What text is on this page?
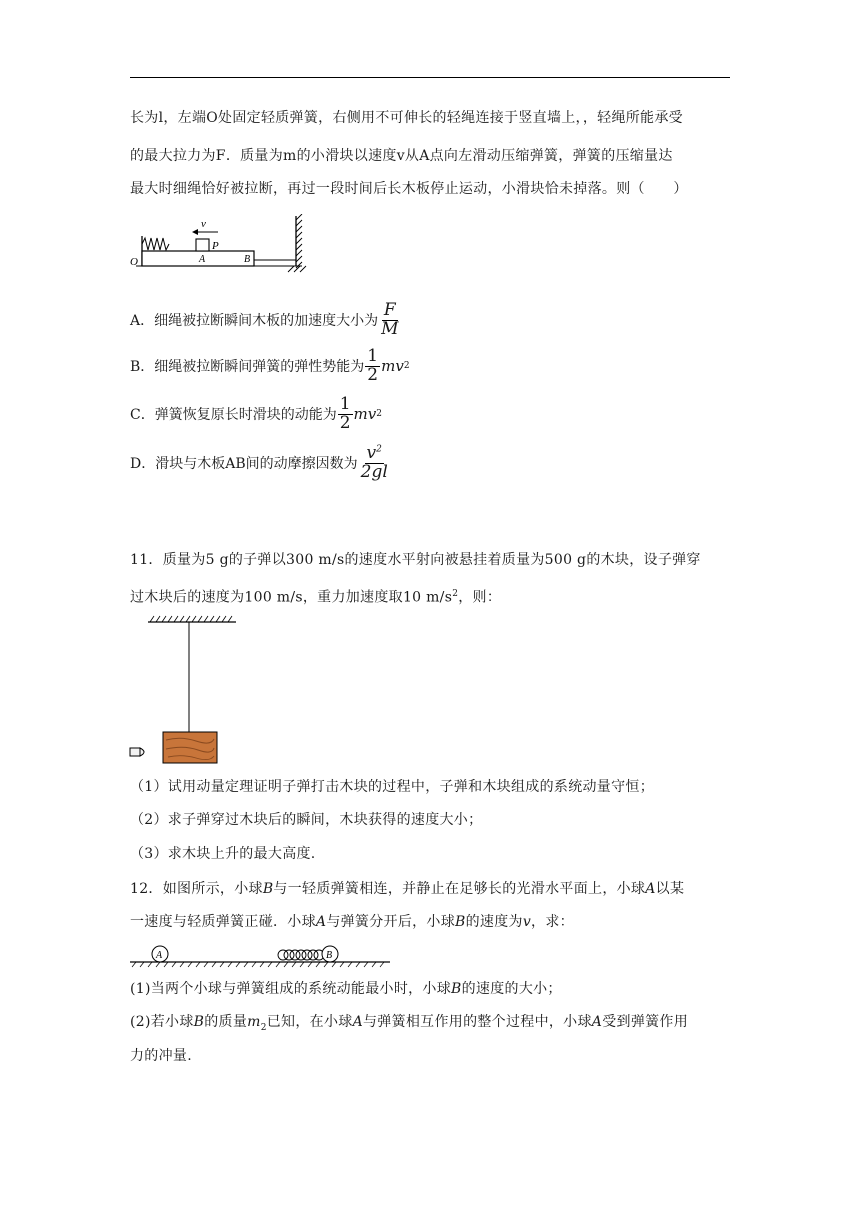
长为l，左端O处固定轻质弹簧，右侧用不可伸长的轻绳连接于竖直墙上，，轻绳所能承受
的最大拉力为F．质量为m的小滑块以速度v从A点向左滑动压缩弹簧，弹簧的压缩量达
最大时细绳恰好被拉断，再过一段时间后长木板停止运动，小滑块恰未掉落。则（　　）
v
P
O	A	B
A．细绳被拉断瞬间木板的加速度大小为 $\frac{F}{M}$
B．细绳被拉断瞬间弹簧的弹性势能为 $\frac{1}{2}$ mv 2
C．弹簧恢复原长时滑块的动能为 $\frac{1}{2}$ mv 2
D．滑块与木板AB间的动摩擦因数为 $\frac{v^2}{2gl}$
11．质量为5 g的子弹以300 m/s的速度水平射向被悬挂着质量为500 g的木块，设子弹穿
过木块后的速度为100 m/s，重力加速度取10 $m/s^2$，则：
（1）试用动量定理证明子弹打击木块的过程中，子弹和木块组成的系统动量守恒；
（2）求子弹穿过木块后的瞬间，木块获得的速度大小；
（3）求木块上升的最大高度.
12．如图所示，小球B与一轻质弹簧相连，并静止在足够长的光滑水平面上，小球A以某
一速度与轻质弹簧正碰．小球A与弹簧分开后，小球B的速度为v，求：
A	B
(1)当两个小球与弹簧组成的系统动能最小时，小球B的速度的大小；
(2)若小球B的质量$m_2$已知，在小球A与弹簧相互作用的整个过程中，小球A受到弹簧作用
力的冲量.
